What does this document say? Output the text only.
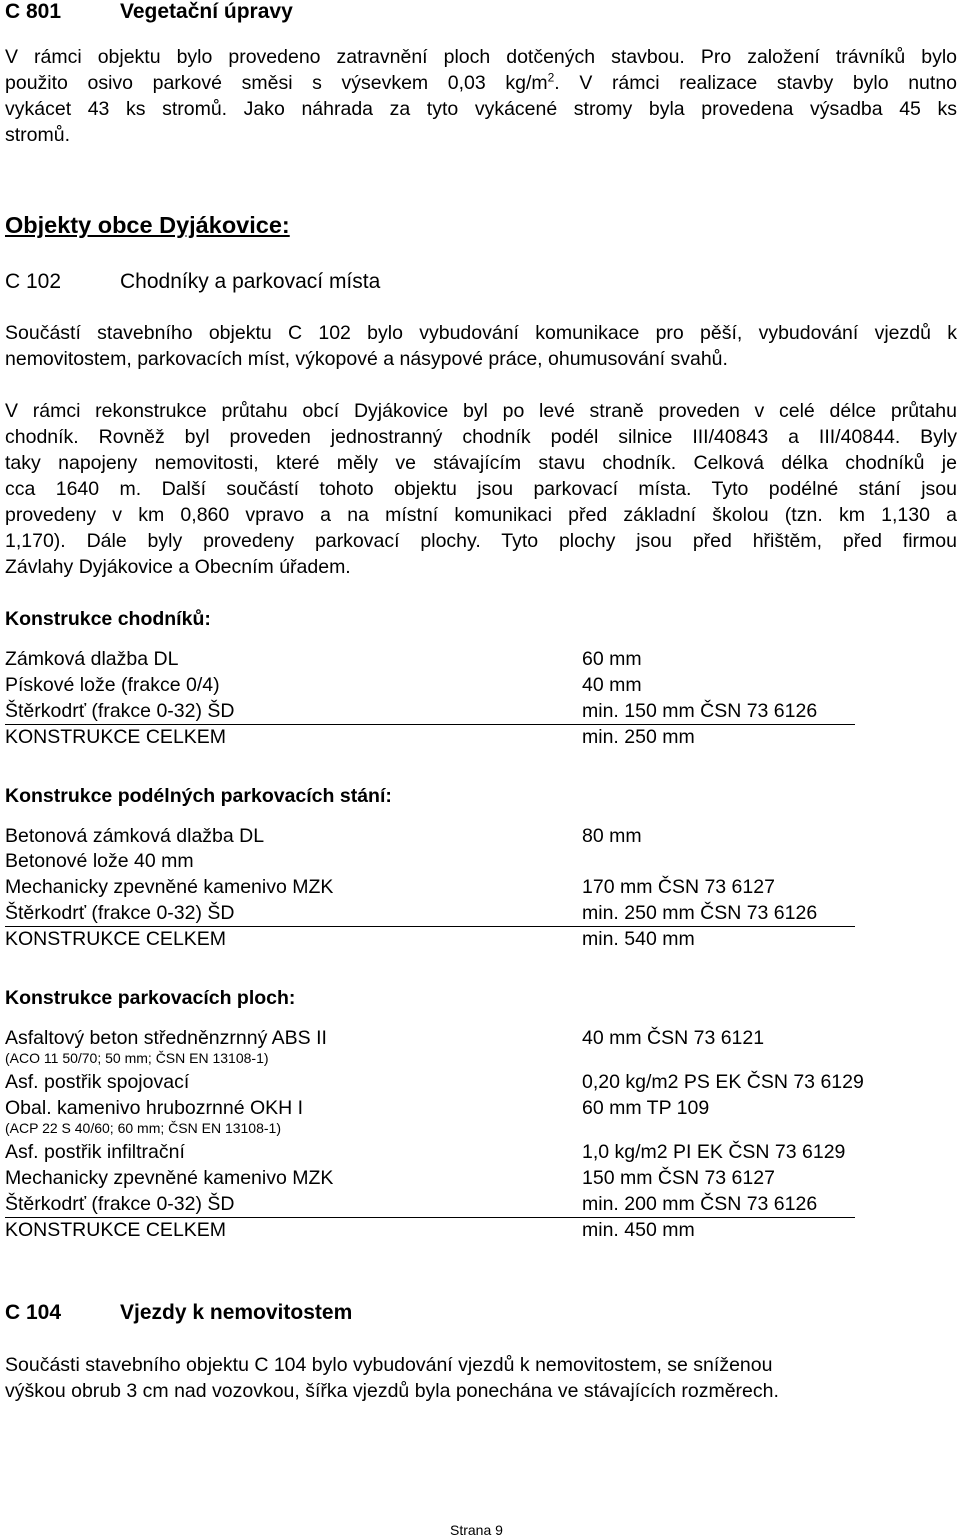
C 801	Vegetační úpravy
V rámci objektu bylo provedeno zatravnění ploch dotčených stavbou. Pro založení trávníků bylo
použito osivo parkové směsi s výsevkem 0,03 $kg/m^2$. V rámci realizace stavby bylo nutno
vykácet 43 ks stromů. Jako náhrada za tyto vykácené stromy byla provedena výsadba 45 ks
stromů.
Objekty obce Dyjákovice:
C 102	Chodníky a parkovací místa
Součástí stavebního objektu C 102 bylo vybudování komunikace pro pěší, vybudování vjezdů k
nemovitostem, parkovacích míst, výkopové a násypové práce, ohumusování svahů.
V rámci rekonstrukce průtahu obcí Dyjákovice byl po levé straně proveden v celé délce průtahu
chodník. Rovněž byl proveden jednostranný chodník podél silnice III/40843 a III/40844. Byly
taky napojeny nemovitosti, které měly ve stávajícím stavu chodník. Celková délka chodníků je
cca 1640 m. Další součástí tohoto objektu jsou parkovací místa. Tyto podélné stání jsou
provedeny v km 0,860 vpravo a na místní komunikaci před základní školou (tzn. km 1,130 a
1,170). Dále byly provedeny parkovací plochy. Tyto plochy jsou před hřištěm, před firmou
Závlahy Dyjákovice a Obecním úřadem.
Konstrukce chodníků:
Zámková dlažba DL	60 mm
Pískové lože (frakce 0/4)	40 mm
Štěrkodrť (frakce 0-32) ŠD	min. 150 mm ČSN 73 6126
KONSTRUKCE CELKEM	min. 250 mm
Konstrukce podélných parkovacích stání:
Betonová zámková dlažba DL	80 mm
Betonové lože 40 mm
Mechanicky zpevněné kamenivo MZK	170 mm ČSN 73 6127
Štěrkodrť (frakce 0-32) ŠD	min. 250 mm ČSN 73 6126
KONSTRUKCE CELKEM	min. 540 mm
Konstrukce parkovacích ploch:
Asfaltový beton středněnzrnný ABS II	40 mm ČSN 73 6121
(ACO 11 50/70; 50 mm; ČSN EN 13108-1)
Asf. postřik spojovací	0,20 kg/m2 PS EK ČSN 73 6129
Obal. kamenivo hrubozrnné OKH I	60 mm TP 109
(ACP 22 S 40/60; 60 mm; ČSN EN 13108-1)
Asf. postřik infiltrační	1,0 kg/m2 PI EK ČSN 73 6129
Mechanicky zpevněné kamenivo MZK	150 mm ČSN 73 6127
Štěrkodrť (frakce 0-32) ŠD	min. 200 mm ČSN 73 6126
KONSTRUKCE CELKEM	min. 450 mm
C 104	Vjezdy k nemovitostem
Součásti stavebního objektu C 104 bylo vybudování vjezdů k nemovitostem, se sníženou
výškou obrub 3 cm nad vozovkou, šířka vjezdů byla ponechána ve stávajících rozměrech.
Strana 9
